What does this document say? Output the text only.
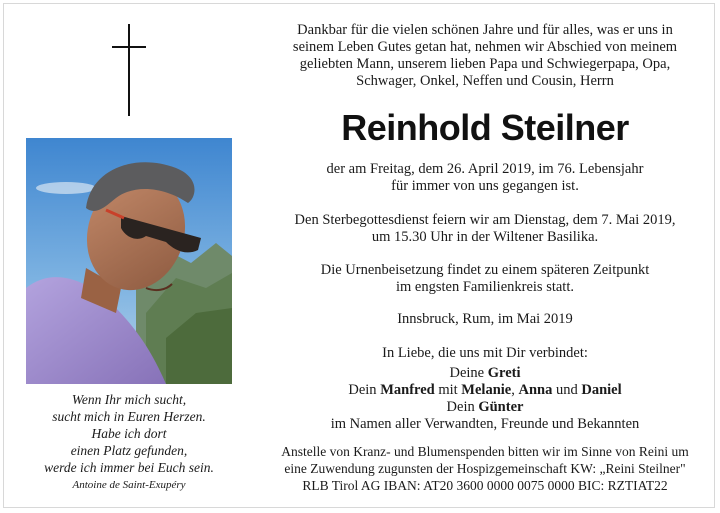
Wenn Ihr mich sucht,
sucht mich in Euren Herzen.
Habe ich dort
einen Platz gefunden,
werde ich immer bei Euch sein.
Antoine de Saint-Exupéry
Dankbar für die vielen schönen Jahre und für alles, was er uns in
seinem Leben Gutes getan hat, nehmen wir Abschied von meinem
geliebten Mann, unserem lieben Papa und Schwiegerpapa, Opa,
Schwager, Onkel, Neffen und Cousin, Herrn
Reinhold Steilner
der am Freitag, dem 26. April 2019, im 76. Lebensjahr
für immer von uns gegangen ist.
Den Sterbegottesdienst feiern wir am Dienstag, dem 7. Mai 2019,
um 15.30 Uhr in der Wiltener Basilika.
Die Urnenbeisetzung findet zu einem späteren Zeitpunkt
im engsten Familienkreis statt.
Innsbruck, Rum, im Mai 2019
In Liebe, die uns mit Dir verbindet:
Deine Greti
Dein Manfred mit Melanie, Anna und Daniel
Dein Günter
im Namen aller Verwandten, Freunde und Bekannten
Anstelle von Kranz- und Blumenspenden bitten wir im Sinne von Reini um
eine Zuwendung zugunsten der Hospizgemeinschaft KW: „Reini Steilner"
RLB Tirol AG IBAN: AT20 3600 0000 0075 0000 BIC: RZTIAT22
